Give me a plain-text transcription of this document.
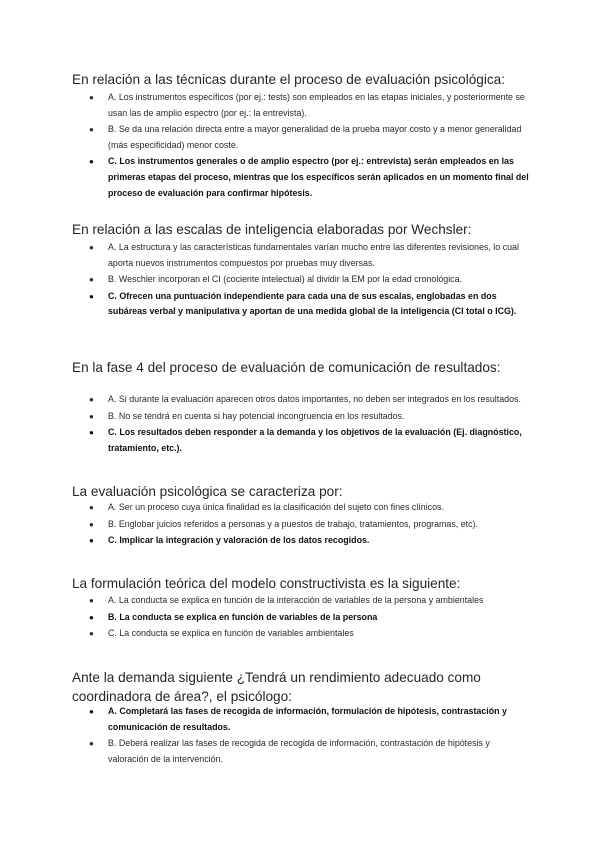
En relación a las técnicas durante el proceso de evaluación psicológica:
● A. Los instrumentos específicos (por ej.: tests) son empleados en las etapas iniciales, y posteriormente se usan las de amplio espectro (por ej.: la entrevista).
● B. Se da una relación directa entre a mayor generalidad de la prueba mayor costo y a menor generalidad (más especificidad) menor coste.
● C. Los instrumentos generales o de amplio espectro (por ej.: entrevista) serán empleados en las primeras etapas del proceso, mientras que los específicos serán aplicados en un momento final del proceso de evaluación para confirmar hipótesis.
En relación a las escalas de inteligencia elaboradas por Wechsler:
● A. La estructura y las características fundamentales varían mucho entre las diferentes revisiones, lo cual aporta nuevos instrumentos compuestos por pruebas muy diversas.
● B. Weschler incorporan el CI (cociente intelectual) al dividir la EM por la edad cronológica.
● C. Ofrecen una puntuación independiente para cada una de sus escalas, englobadas en dos subáreas verbal y manipulativa y aportan de una medida global de la inteligencia (CI total o ICG).
En la fase 4 del proceso de evaluación de comunicación de resultados:
● A. Si durante la evaluación aparecen otros datos importantes, no deben ser integrados en los resultados.
● B. No se tendrá en cuenta si hay potencial incongruencia en los resultados.
● C. Los resultados deben responder a la demanda y los objetivos de la evaluación (Ej. diagnóstico, tratamiento, etc.).
La evaluación psicológica se caracteriza por:
● A. Ser un proceso cuya única finalidad es la clasificación del sujeto con fines clínicos.
● B. Englobar juicios referidos a personas y a puestos de trabajo, tratamientos, programas, etc).
● C. Implicar la integración y valoración de los datos recogidos.
La formulación teórica del modelo constructivista es la siguiente:
● A. La conducta se explica en función de la interacción de variables de la persona y ambientales
● B. La conducta se explica en función de variables de la persona
● C. La conducta se explica en función de variables ambientales
Ante la demanda siguiente ¿Tendrá un rendimiento adecuado como coordinadora de área?, el psicólogo:
● A. Completará las fases de recogida de información, formulación de hipótesis, contrastación y comunicación de resultados.
● B. Deberá realizar las fases de recogida de recogida de información, contrastación de hipótesis y valoración de la intervención.
